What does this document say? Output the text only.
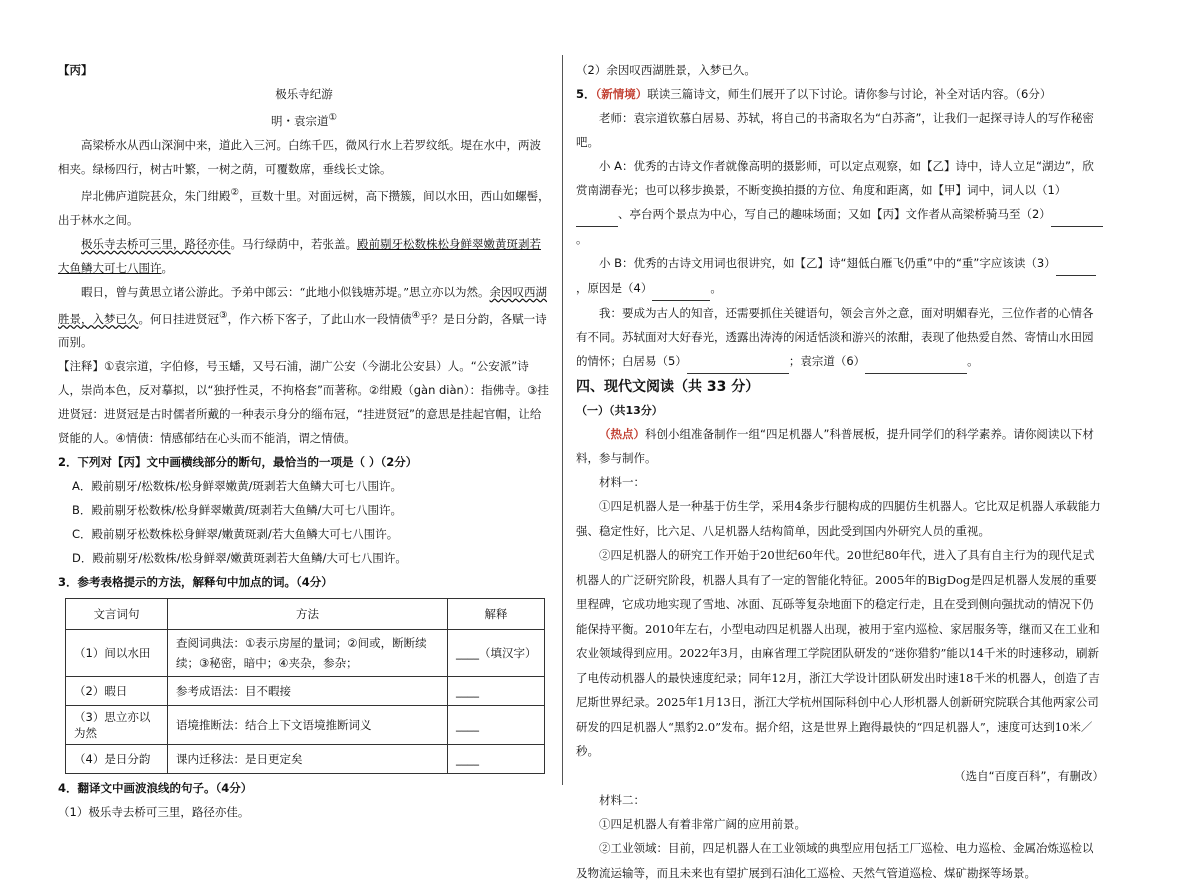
【丙】

极乐寺纪游

明・袁宗道①

高梁桥水从西山深涧中来，道此入三河。白练千匹，微风行水上若罗纹纸。堤在水中，两波相夹。绿杨四行，树古叶繁，一树之荫，可覆数席，垂线长丈馀。

岸北佛庐道院甚众，朱门绀殿②，亘数十里。对面远树，高下攒簇，间以水田，西山如螺髻，出于林水之间。

极乐寺去桥可三里，路径亦佳。马行绿荫中，若张盖。殿前剔牙松数株松身鲜翠嫩黄斑剥若大鱼鳞大可七八围许。

暇日，曾与黄思立诸公游此。予弟中郎云：“此地小似钱塘苏堤。”思立亦以为然。余因叹西湖胜景，入梦已久。何日挂进贤冠③，作六桥下客子，了此山水一段情债④乎？是日分韵，各赋一诗而别。

【注释】①袁宗道，字伯修，号玉蟠，又号石浦，湖广公安（今湖北公安县）人。“公安派”诗人，崇尚本色，反对摹拟，以“独抒性灵，不拘格套”而著称。②绀殿（gàn diàn）：指佛寺。③挂进贤冠：进贤冠是古时儒者所戴的一种表示身分的缁布冠，“挂进贤冠”的意思是挂起官帽，让给贤能的人。④情债：情感郁结在心头而不能消，谓之情债。

2．下列对【丙】文中画横线部分的断句，最恰当的一项是（ ）（2分）

A．殿前剔牙/松数株/松身鲜翠嫩黄/斑剥若大鱼鳞大可七八围许。

B．殿前剔牙松数株/松身鲜翠嫩黄/斑剥若大鱼鳞/大可七八围许。

C．殿前剔牙松数株松身鲜翠/嫩黄斑剥/若大鱼鳞大可七八围许。

D．殿前剔牙/松数株/松身鲜翠/嫩黄斑剥若大鱼鳞/大可七八围许。

3．参考表格提示的方法，解释句中加点的词。（4分）

文言词句	方法	解释
（1）间以水田	查阅词典法：①表示房屋的量词；②间或，断断续续；③秘密，暗中；④夹杂，参杂；	____（填汉字）
（2）暇日	参考成语法：目不暇接	____
（3）思立亦以为然	语境推断法：结合上下文语境推断词义	____
（4）是日分韵	课内迁移法：是日更定矣	____

4．翻译文中画波浪线的句子。（4分）

（1）极乐寺去桥可三里，路径亦佳。

（2）余因叹西湖胜景，入梦已久。

5．（新情境）联读三篇诗文，师生们展开了以下讨论。请你参与讨论，补全对话内容。（6分）

老师：袁宗道钦慕白居易、苏轼，将自己的书斋取名为“白苏斋”，让我们一起探寻诗人的写作秘密吧。

小 A：优秀的古诗文作者就像高明的摄影师，可以定点观察，如【乙】诗中，诗人立足“湖边”，欣赏南湖春光；也可以移步换景，不断变换拍摄的方位、角度和距离，如【甲】词中，词人以（1） 、亭台两个景点为中心，写自己的趣味场面；又如【丙】文作者从高梁桥骑马至（2） 。

小 B：优秀的古诗文用词也很讲究，如【乙】诗“翅低白雁飞仍重”中的“重”字应该读（3） ，原因是（4）	。

我：要成为古人的知音，还需要抓住关键语句，领会言外之意，面对明媚春光，三位作者的心情各有不同。苏轼面对大好春光，透露出涛涛的闲适恬淡和游兴的浓酣，表现了他热爱自然、寄情山水田园的情怀；白居易（5）	；袁宗道（6）	。

四、现代文阅读（共 33 分）

（一）（共13分）

（热点）科创小组准备制作一组“四足机器人”科普展板，提升同学们的科学素养。请你阅读以下材料，参与制作。

材料一：

①四足机器人是一种基于仿生学，采用4条步行腿构成的四腿仿生机器人。它比双足机器人承载能力强、稳定性好，比六足、八足机器人结构简单，因此受到国内外研究人员的重视。

②四足机器人的研究工作开始于20世纪60年代。20世纪80年代，进入了具有自主行为的现代足式机器人的广泛研究阶段，机器人具有了一定的智能化特征。2005年的BigDog是四足机器人发展的重要里程碑，它成功地实现了雪地、冰面、瓦砾等复杂地面下的稳定行走，且在受到侧向强扰动的情况下仍能保持平衡。2010年左右，小型电动四足机器人出现，被用于室内巡检、家居服务等，继而又在工业和农业领域得到应用。2022年3月，由麻省理工学院团队研发的“迷你猎豹”能以14千米的时速移动，刷新了电传动机器人的最快速度纪录；同年12月，浙江大学设计团队研发出时速18千米的机器人，创造了吉尼斯世界纪录。2025年1月13日，浙江大学杭州国际科创中心人形机器人创新研究院联合其他两家公司研发的四足机器人“黑豹2.0”发布。据介绍，这是世界上跑得最快的“四足机器人”，速度可达到10米／秒。

（选自“百度百科”，有删改）

材料二：

①四足机器人有着非常广阔的应用前景。

②工业领域：目前，四足机器人在工业领域的典型应用包括工厂巡检、电力巡检、金属冶炼巡检以及物流运输等，而且未来也有望扩展到石油化工巡检、天然气管道巡检、煤矿勘探等场景。
